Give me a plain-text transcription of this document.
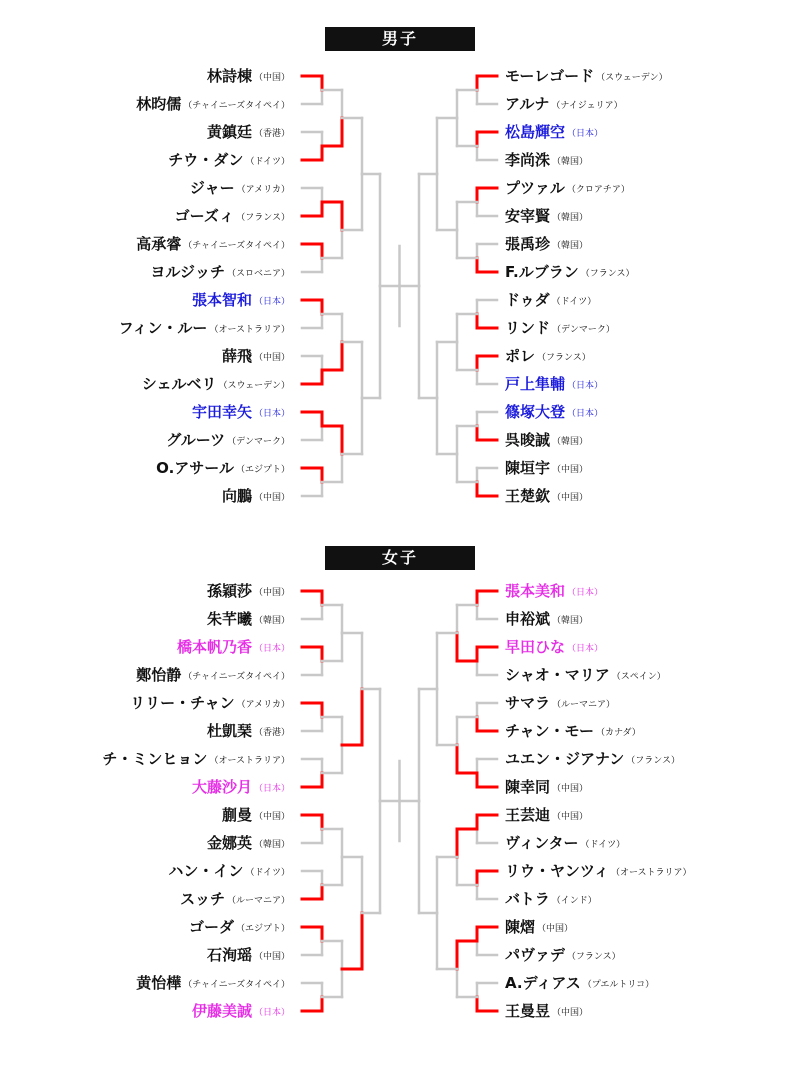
男子
林詩棟 （中国）
林昀儒 （チャイニーズタイペイ）
黄鎮廷 （香港）
チウ・ダン （ドイツ）
ジャー （アメリカ）
ゴーズィ （フランス）
高承睿 （チャイニーズタイペイ）
ヨルジッチ （スロベニア）
張本智和 （日本）
フィン・ルー （オーストラリア）
薛飛 （中国）
シェルベリ （スウェーデン）
宇田幸矢 （日本）
グルーツ （デンマーク）
O.アサール （エジプト）
向鵬 （中国）
モーレゴード （スウェーデン）
アルナ （ナイジェリア）
松島輝空 （日本）
李尚洙 （韓国）
プツァル （クロアチア）
安宰賢 （韓国）
張禹珍 （韓国）
F.ルブラン （フランス）
ドゥダ （ドイツ）
リンド （デンマーク）
ポレ （フランス）
戸上隼輔 （日本）
篠塚大登 （日本）
呉晙誠 （韓国）
陳垣宇 （中国）
王楚欽 （中国）
女子
孫穎莎 （中国）
朱芊曦 （韓国）
橋本帆乃香 （日本）
鄭怡静 （チャイニーズタイペイ）
リリー・チャン （アメリカ）
杜凱琹 （香港）
チ・ミンヒョン （オーストラリア）
大藤沙月 （日本）
蒯曼 （中国）
金娜英 （韓国）
ハン・イン （ドイツ）
スッチ （ルーマニア）
ゴーダ （エジプト）
石洵瑶 （中国）
黄怡樺 （チャイニーズタイペイ）
伊藤美誠 （日本）
張本美和 （日本）
申裕斌 （韓国）
早田ひな （日本）
シャオ・マリア （スペイン）
サマラ （ルーマニア）
チャン・モー （カナダ）
ユエン・ジアナン （フランス）
陳幸同 （中国）
王芸迪 （中国）
ヴィンター （ドイツ）
リウ・ヤンツィ （オーストラリア）
バトラ （インド）
陳熠 （中国）
パヴァデ （フランス）
A.ディアス （プエルトリコ）
王曼昱 （中国）
